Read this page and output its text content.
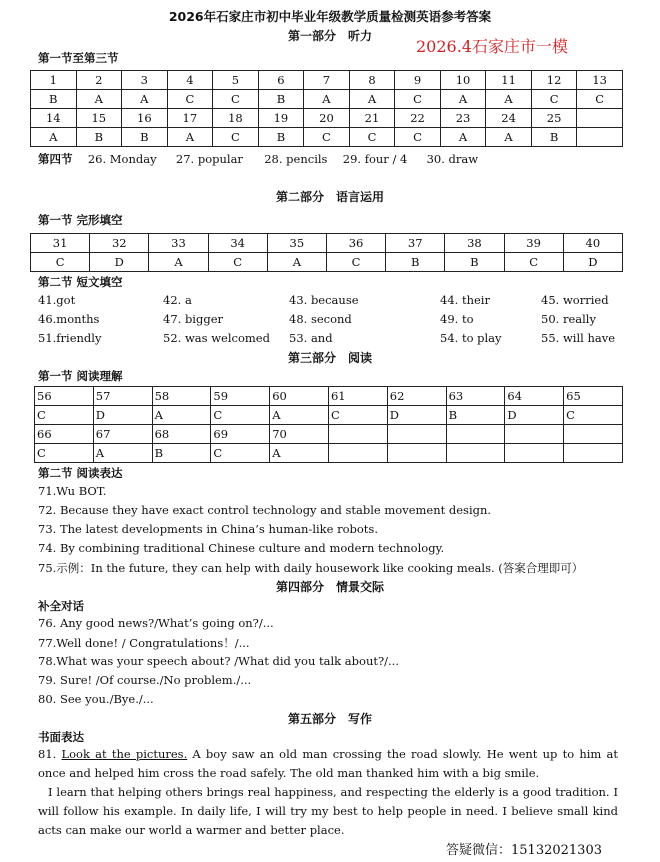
2026年石家庄市初中毕业年级教学质量检测英语参考答案
第一部分　听力
2026.4石家庄市一模
第一节至第三节
1	2	3	4	5	6	7	8	9	10	11	12	13
B	A	A	C	C	B	A	A	C	A	A	C	C
14	15	16	17	18	19	20	21	22	23	24	25	
A	B	B	A	C	B	C	C	C	A	A	B	
第四节 26. Monday 27. popular 28. pencils 29. four / 4 30. draw
第二部分　语言运用
第一节 完形填空
31	32	33	34	35	36	37	38	39	40
C	D	A	C	A	C	B	B	C	D
第二节 短文填空
41.got	42. a	43. because	44. their	45. worried
46.months	47. bigger	48. second	49. to	50. really
51.friendly	52. was welcomed 53. and	54. to play	55. will have
第三部分　阅读
第一节 阅读理解
56	57	58	59	60	61	62	63	64	65
C	D	A	C	A	C	D	B	D	C
66	67	68	69	70					
C	A	B	C	A					
第二节 阅读表达
71.Wu BOT.
72. Because they have exact control technology and stable movement design.
73. The latest developments in China’s human-like robots.
74. By combining traditional Chinese culture and modern technology.
75.示例：In the future, they can help with daily housework like cooking meals. (答案合理即可）
第四部分　情景交际
补全对话
76. Any good news?/What’s going on?/...
77.Well done! / Congratulations！/...
78.What was your speech about? /What did you talk about?/...
79. Sure! /Of course./No problem./...
80. See you./Bye./...
第五部分　写作
书面表达
81. Look at the pictures. A boy saw an old man crossing the road slowly. He went up to him at once and helped him cross the road safely. The old man thanked him with a big smile.
I learn that helping others brings real happiness, and respecting the elderly is a good tradition. I will follow his example. In daily life, I will try my best to help people in need. I believe small kind acts can make our world a warmer and better place.
答疑微信：15132021303
